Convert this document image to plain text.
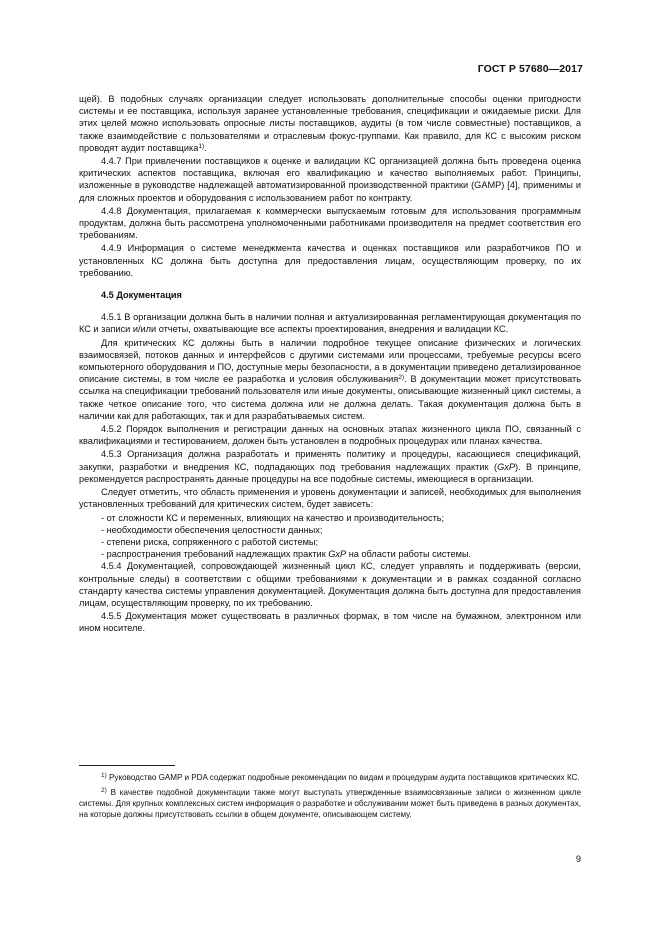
ГОСТ Р 57680—2017

щей). В подобных случаях организации следует использовать дополнительные способы оценки пригодности системы и ее поставщика, используя заранее установленные требования, спецификации и ожидаемые риски. Для этих целей можно использовать опросные листы поставщиков, аудиты (в том числе совместные) поставщиков, а также взаимодействие с пользователями и отраслевым фокус-группами. Как правило, для КС с высоким риском проводят аудит поставщика$^{1)}$.

4.4.7 При привлечении поставщиков к оценке и валидации КС организацией должна быть проведена оценка критических аспектов поставщика, включая его квалификацию и качество выполняемых работ. Принципы, изложенные в руководстве надлежащей автоматизированной производственной практики (GAMP) [4], применимы и для сложных проектов и оборудования с использованием работ по контракту.

4.4.8 Документация, прилагаемая к коммерчески выпускаемым готовым для использования программным продуктам, должна быть рассмотрена уполномоченными работниками производителя на предмет соответствия его требованиям.

4.4.9 Информация о системе менеджмента качества и оценках поставщиков или разработчиков ПО и установленных КС должна быть доступна для предоставления лицам, осуществляющим проверку, по их требованию.

4.5 Документация

4.5.1 В организации должна быть в наличии полная и актуализированная регламентирующая документация по КС и записи и/или отчеты, охватывающие все аспекты проектирования, внедрения и валидации КС.

Для критических КС должны быть в наличии подробное текущее описание физических и логических взаимосвязей, потоков данных и интерфейсов с другими системами или процессами, требуемые ресурсы всего компьютерного оборудования и ПО, доступные меры безопасности, а в документации приведено детализированное описание системы, в том числе ее разработка и условия обслуживания$^{2)}$. В документации может присутствовать ссылка на спецификации требований пользователя или иные документы, описывающие жизненный цикл системы, а также четкое описание того, что система должна или не должна делать. Такая документация должна быть в наличии как для работающих, так и для разрабатываемых систем.

4.5.2 Порядок выполнения и регистрации данных на основных этапах жизненного цикла ПО, связанный с квалификациями и тестированием, должен быть установлен в подробных процедурах или планах качества.

4.5.3 Организация должна разработать и применять политику и процедуры, касающиеся спецификаций, закупки, разработки и внедрения КС, подпадающих под требования надлежащих практик (GxP). В принципе, рекомендуется распространять данные процедуры на все подобные системы, имеющиеся в организации.

Следует отметить, что область применения и уровень документации и записей, необходимых для выполнения установленных требований для критических систем, будет зависеть:

- от сложности КС и переменных, влияющих на качество и производительность;

- необходимости обеспечения целостности данных;

- степени риска, сопряженного с работой системы;

- распространения требований надлежащих практик GxP на области работы системы.

4.5.4 Документацией, сопровождающей жизненный цикл КС, следует управлять и поддерживать (версии, контрольные следы) в соответствии с общими требованиями к документации и в рамках созданной согласно стандарту качества системы управления документацией. Документация должна быть доступна для предоставления лицам, осуществляющим проверку, по их требованию.

4.5.5 Документация может существовать в различных формах, в том числе на бумажном, электронном или ином носителе.

$^{1)}$ Руководство GAMP и PDA содержат подробные рекомендации по видам и процедурам аудита поставщиков критических КС.

$^{2)}$ В качестве подобной документации также могут выступать утвержденные взаимосвязанные записи о жизненном цикле системы. Для крупных комплексных систем информация о разработке и обслуживании может быть приведена в разных документах, на которые должны присутствовать ссылки в общем документе, описывающем систему.

9
